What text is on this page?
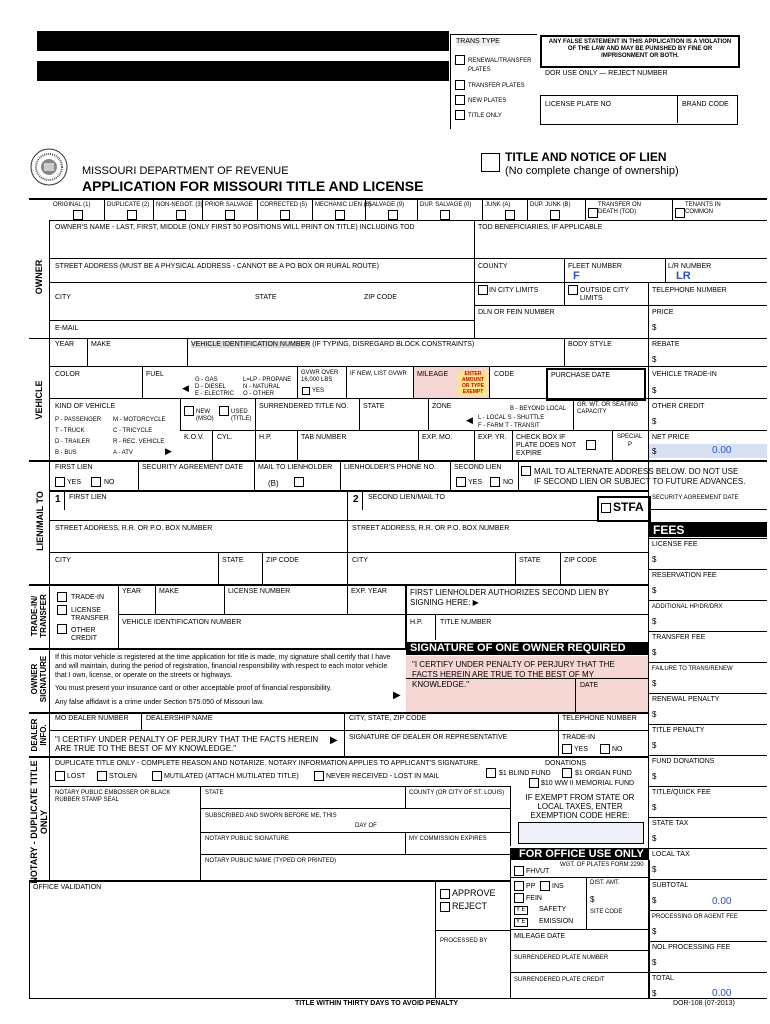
TRANS TYPE
RENEWAL/TRANSFER
PLATES
TRANSFER PLATES
NEW PLATES
TITLE ONLY
ANY FALSE STATEMENT IN THIS APPLICATION IS A VIOLATION OF THE LAW AND MAY BE PUNISHED BY FINE OR IMPRISONMENT OR BOTH.
DOR USE ONLY — REJECT NUMBER
LICENSE PLATE NO	BRAND CODE
MISSOURI DEPARTMENT OF REVENUE
APPLICATION FOR MISSOURI TITLE AND LICENSE
TITLE AND NOTICE OF LIEN
(No complete change of ownership)
ORIGINAL (1)	DUPLICATE (2) NON-NEGOT. (3) PRIOR SALVAGE CORRECTED (5) MECHANIC LIEN (6)
SALVAGE (9)	DUP. SALVAGE (0) JUNK (A)	DUP. JUNK (B)	TRANSFER ON DEATH (TOD)
TENANTS IN COMMON
OWNER
OWNER'S NAME - LAST, FIRST, MIDDLE (ONLY FIRST 50 POSITIONS WILL PRINT ON TITLE) INCLUDING TOD	TOD BENEFICIARIES, IF APPLICABLE
STREET ADDRESS (MUST BE A PHYSICAL ADDRESS - CANNOT BE A PO BOX OR RURAL ROUTE)	COUNTY	FLEET NUMBER
F
L/R NUMBER
LR
CITY	STATE	ZIP CODE
IN CITY LIMITS	OUTSIDE CITY LIMITS
TELEPHONE NUMBER
DLN OR FEIN NUMBER	PRICE
$
E-MAIL
VEHICLE
YEAR MAKE	VEHICLE IDENTIFICATION NUMBER (IF TYPING, DISREGARD BLOCK CONSTRAINTS)	BODY STYLE	REBATE
$
COLOR	FUEL
◀
G - GAS
D - DIESEL
E - ELECTRIC
L=LP - PROPANE
N - NATURAL
O - OTHER
GVWR OVER 16,000 LBS
YES
IF NEW, LIST GVWR MILEAGE	ENTER AMOUNT OR TYPE EXEMPT
CODE	PURCHASE DATE	VEHICLE TRADE-IN
$
KIND OF VEHICLE
P - PASSENGER
T - TRUCK
D - TRAILER
B - BUS
M - MOTORCYCLE
C - TRICYCLE
R - REC. VEHICLE
A - ATV	▶
NEW (MSO)
USED (TITLE)
SURRENDERED TITLE NO. STATE	ZONE
◀
B - BEYOND LOCAL
L - LOCAL S - SHUTTLE
F - FARM T - TRANSIT
GR. WT. OR SEATING CAPACITY
OTHER CREDIT
$
K.O.V. CYL.	H.P.	TAB NUMBER	EXP. MO.	EXP. YR. CHECK BOX IF PLATE DOES NOT EXPIRE
SPECIAL
P
NET PRICE
$	0.00
LIEN/MAIL TO
FIRST LIEN
YES	NO
SECURITY AGREEMENT DATE MAIL TO LIENHOLDER
(B)
LIENHOLDER'S PHONE NO.	SECOND LIEN
YES	NO
MAIL TO ALTERNATE ADDRESS BELOW. DO NOT USE IF SECOND LIEN OR SUBJECT TO FUTURE ADVANCES.
1 FIRST LIEN	2 SECOND LIEN/MAIL TO
STFA
SECURITY AGREEMENT DATE
STREET ADDRESS, R.R. OR P.O. BOX NUMBER	STREET ADDRESS, R.R. OR P.O. BOX NUMBER
CITY	STATE	ZIP CODE	CITY	STATE	ZIP CODE
FEES
LICENSE FEE
$
RESERVATION FEE
$
ADDITIONAL HP/DR/DRX
$
TRANSFER FEE
$
FAILURE TO TRANS/RENEW
$
RENEWAL PENALTY
$
TITLE PENALTY
$
FUND DONATIONS
$
TITLE/QUICK FEE
$
STATE TAX
$
LOCAL TAX
$
SUBTOTAL
$
PROCESSING OR AGENT FEE
$
NOL PROCESSING FEE
$
TOTAL
$
0.00
0.00
TRADE-IN/ TRANSFER	TRADE-IN
LICENSE TRANSFER
OTHER CREDIT
YEAR	MAKE	LICENSE NUMBER	EXP. YEAR	FIRST LIENHOLDER AUTHORIZES SECOND LIEN BY SIGNING HERE: ▶
VEHICLE IDENTIFICATION NUMBER	H.P. TITLE NUMBER
OWNER SIGNATURE If this motor vehicle is registered at the time application for title is made, my signature shall certify that I have and will maintain, during the period of registration, financial responsibility with respect to each motor vehicle that I own, license, or operate on the streets or highways.
You must present your insurance card or other acceptable proof of financial responsibility.
Any false affidavit is a crime under Section 575.050 of Missouri law.
▶
SIGNATURE OF ONE OWNER REQUIRED
"I CERTIFY UNDER PENALTY OF PERJURY THAT THE FACTS HEREIN ARE TRUE TO THE BEST OF MY KNOWLEDGE."	DATE
DEALER INFO.
MO DEALER NUMBER DEALERSHIP NAME	CITY, STATE, ZIP CODE	TELEPHONE NUMBER
"I CERTIFY UNDER PENALTY OF PERJURY THAT THE FACTS HEREIN ARE TRUE TO THE BEST OF MY KNOWLEDGE."
▶ SIGNATURE OF DEALER OR REPRESENTATIVE	TRADE-IN
YES	NO
NOTARY - DUPLICATE TITLE ONLY
DUPLICATE TITLE ONLY - COMPLETE REASON AND NOTARIZE. NOTARY INFORMATION APPLIES TO APPLICANT'S SIGNATURE.
LOST	STOLEN	MUTILATED (ATTACH MUTILATED TITLE)	NEVER RECEIVED - LOST IN MAIL
DONATIONS
$1 BLIND FUND	$1 ORGAN FUND
$10 WW II MEMORIAL FUND
NOTARY PUBLIC EMBOSSER OR BLACK RUBBER STAMP SEAL
STATE	COUNTY (OR CITY OF ST. LOUIS)	IF EXEMPT FROM STATE OR LOCAL TAXES, ENTER EXEMPTION CODE HERE:
SUBSCRIBED AND SWORN BEFORE ME, THIS
DAY OF
NOTARY PUBLIC SIGNATURE	MY COMMISSION EXPIRES
NOTARY PUBLIC NAME (TYPED OR PRINTED)
FOR OFFICE USE ONLY
WGT. OF PLATES FORM 2290
FHVUT
PP INS	DIST. AMT.
FEIN	$
Y E SAFETY	SITE CODE
Y E EMISSION
MILEAGE DATE
SURRENDERED PLATE NUMBER
SURRENDERED PLATE CREDIT
OFFICE VALIDATION
APPROVE
REJECT
PROCESSED BY
TITLE WITHIN THIRTY DAYS TO AVOID PENALTY	DOR-108 (07-2013)
